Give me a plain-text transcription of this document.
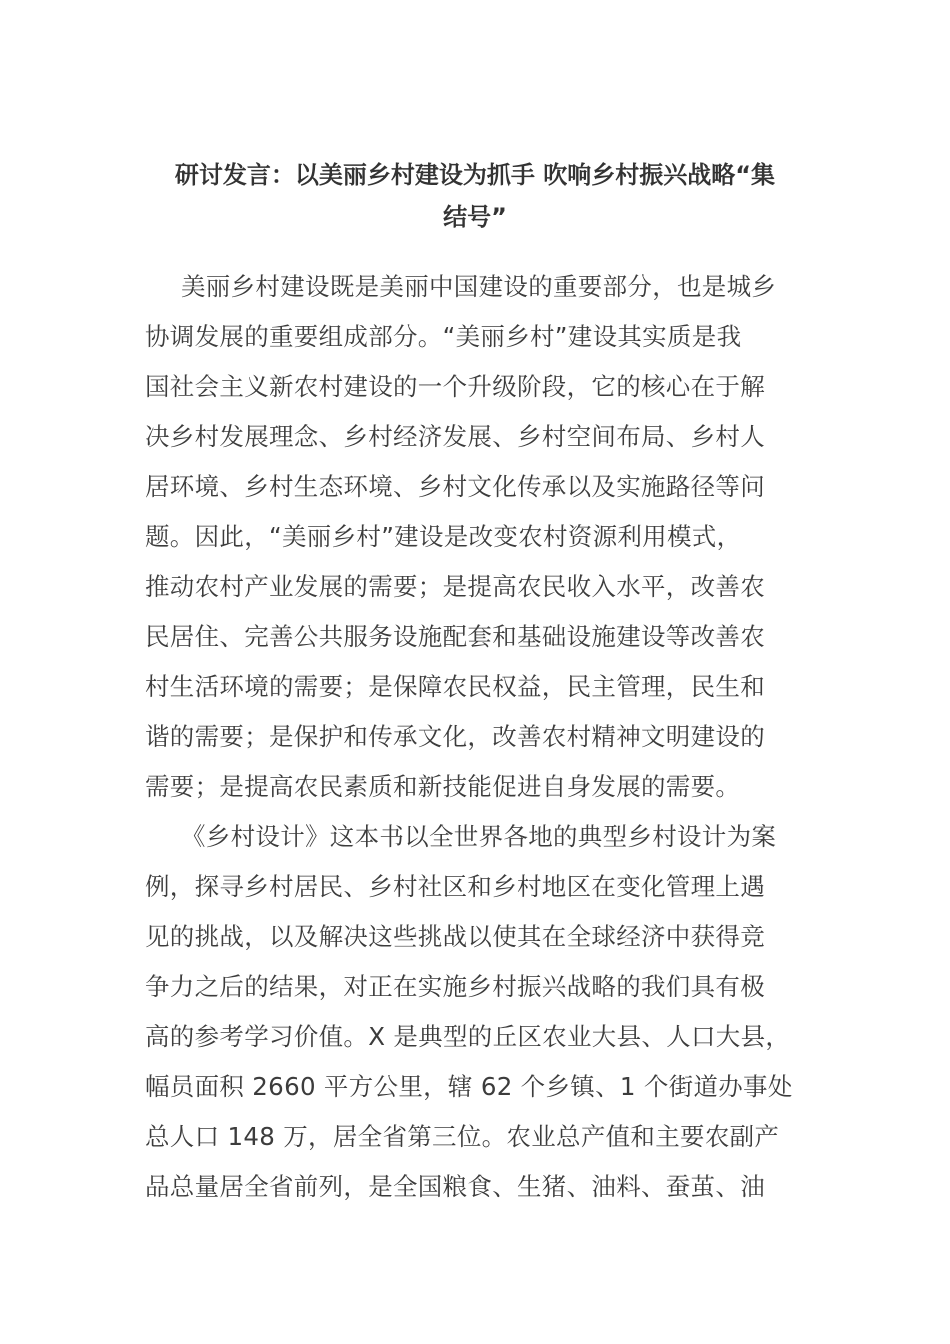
研讨发言：以美丽乡村建设为抓手 吹响乡村振兴战略“集
结号”

美丽乡村建设既是美丽中国建设的重要部分，也是城乡
协调发展的重要组成部分。“美丽乡村”建设其实质是我
国社会主义新农村建设的一个升级阶段，它的核心在于解
决乡村发展理念、乡村经济发展、乡村空间布局、乡村人
居环境、乡村生态环境、乡村文化传承以及实施路径等问
题。因此，“美丽乡村”建设是改变农村资源利用模式，
推动农村产业发展的需要；是提高农民收入水平，改善农
民居住、完善公共服务设施配套和基础设施建设等改善农
村生活环境的需要；是保障农民权益，民主管理，民生和
谐的需要；是保护和传承文化，改善农村精神文明建设的
需要；是提高农民素质和新技能促进自身发展的需要。

《乡村设计》这本书以全世界各地的典型乡村设计为案
例，探寻乡村居民、乡村社区和乡村地区在变化管理上遇
见的挑战，以及解决这些挑战以使其在全球经济中获得竞
争力之后的结果，对正在实施乡村振兴战略的我们具有极
高的参考学习价值。X 是典型的丘区农业大县、人口大县，
幅员面积 2660 平方公里，辖 62 个乡镇、1 个街道办事处
总人口 148 万，居全省第三位。农业总产值和主要农副产
品总量居全省前列，是全国粮食、生猪、油料、蚕茧、油
